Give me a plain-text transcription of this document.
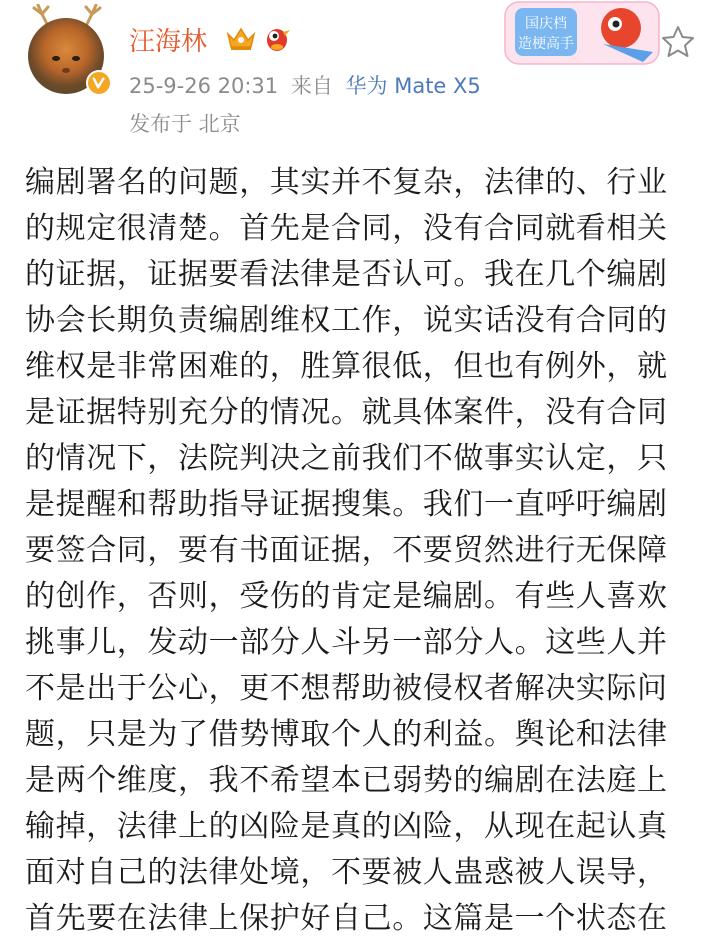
汪海林
25-9-26 20:31 来自 华为 Mate X5
发布于 北京
国庆档
造梗高手

编剧署名的问题，其实并不复杂，法律的、行业
的规定很清楚。首先是合同，没有合同就看相关
的证据，证据要看法律是否认可。我在几个编剧
协会长期负责编剧维权工作，说实话没有合同的
维权是非常困难的，胜算很低，但也有例外，就
是证据特别充分的情况。就具体案件，没有合同
的情况下，法院判决之前我们不做事实认定，只
是提醒和帮助指导证据搜集。我们一直呼吁编剧
要签合同，要有书面证据，不要贸然进行无保障
的创作，否则，受伤的肯定是编剧。有些人喜欢
挑事儿，发动一部分人斗另一部分人。这些人并
不是出于公心，更不想帮助被侵权者解决实际问
题，只是为了借势博取个人的利益。舆论和法律
是两个维度，我不希望本已弱势的编剧在法庭上
输掉，法律上的凶险是真的凶险，从现在起认真
面对自己的法律处境，不要被人蛊惑被人误导，
首先要在法律上保护好自己。这篇是一个状态在
